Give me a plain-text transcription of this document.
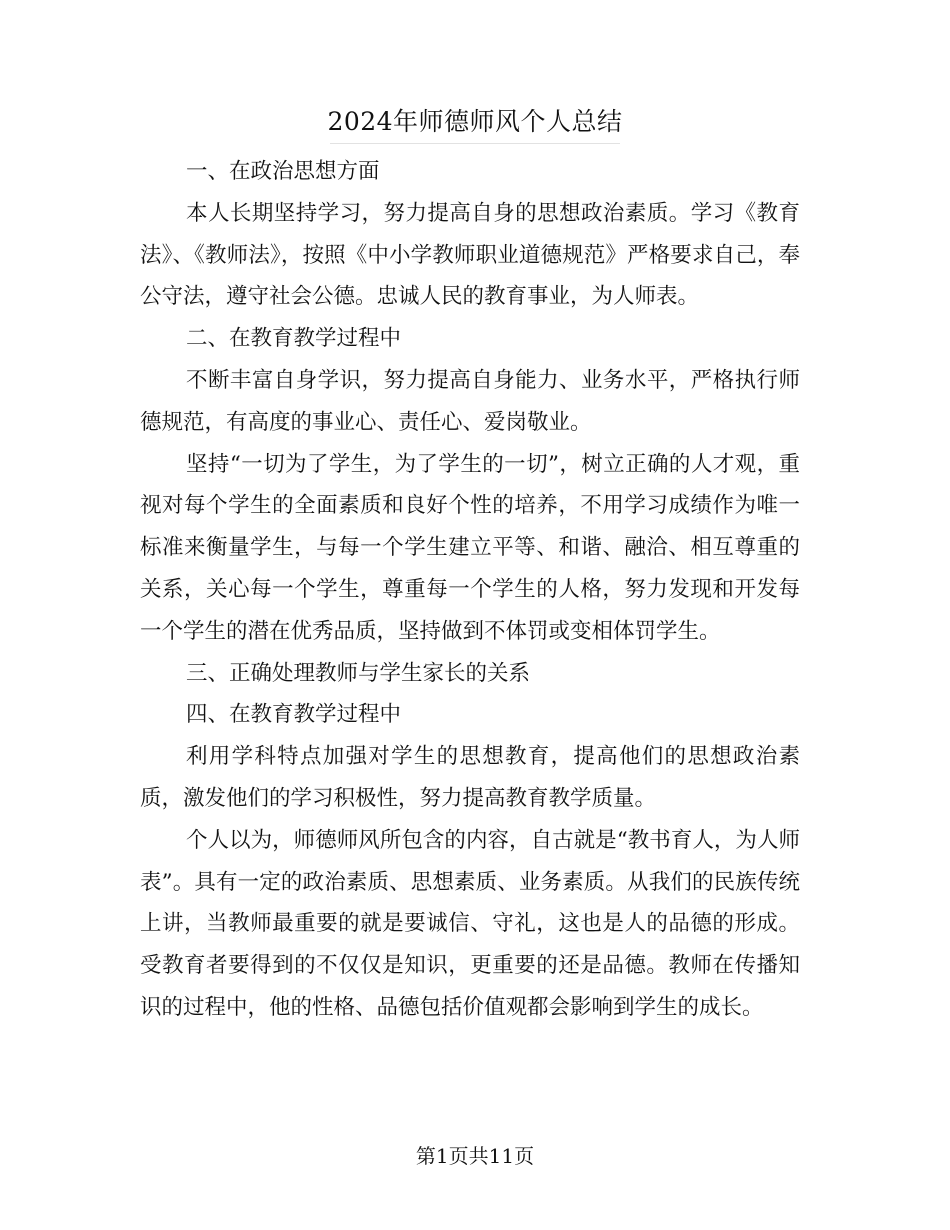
2024年师德师风个人总结

一、在政治思想方面

本人长期坚持学习，努力提高自身的思想政治素质。学习《教育法》、《教师法》，按照《中小学教师职业道德规范》严格要求自己，奉公守法，遵守社会公德。忠诚人民的教育事业，为人师表。

二、在教育教学过程中

不断丰富自身学识，努力提高自身能力、业务水平，严格执行师德规范，有高度的事业心、责任心、爱岗敬业。

坚持“一切为了学生，为了学生的一切”，树立正确的人才观，重视对每个学生的全面素质和良好个性的培养，不用学习成绩作为唯一标准来衡量学生，与每一个学生建立平等、和谐、融洽、相互尊重的关系，关心每一个学生，尊重每一个学生的人格，努力发现和开发每一个学生的潜在优秀品质，坚持做到不体罚或变相体罚学生。

三、正确处理教师与学生家长的关系

四、在教育教学过程中

利用学科特点加强对学生的思想教育，提高他们的思想政治素质，激发他们的学习积极性，努力提高教育教学质量。

个人以为，师德师风所包含的内容，自古就是“教书育人，为人师表”。具有一定的政治素质、思想素质、业务素质。从我们的民族传统上讲，当教师最重要的就是要诚信、守礼，这也是人的品德的形成。受教育者要得到的不仅仅是知识，更重要的还是品德。教师在传播知识的过程中，他的性格、品德包括价值观都会影响到学生的成长。

第1页共11页
